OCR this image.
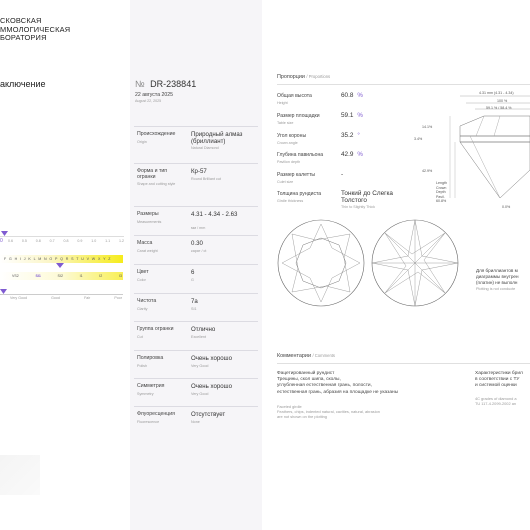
СКОВСКАЯ
ММОЛОГИЧЕСКАЯ
БОРАТОРИЯ
аключение
0 0.6 0.5 0.8 0.7 0.8 0.9 1.0 1.1 1.2
F G H I J K L M N O P Q R S T U V W X Y Z
VS2	SI1	SI2	I1	I2	I3
Very Good	Good	Fair	Poor
№ DR-238841
22 августа 2025
August 22, 2025
Происхождение
Origin
Природный алмаз (бриллиант)
Natural Diamond
Форма и тип огранки
Shape and cutting style
Кр-57
Round Brilliant cut
Размеры
Measurements
4.31 - 4.34 - 2.63
мм / mm
Масса
Carat weight
0.30
карат / ct
Цвет
Color
6
G
Чистота
Clarity
7а
SI1
Группа огранки
Cut
Отлично
Excellent
Полировка
Polish
Очень хорошо
Very Good
Симметрия
Symmetry
Очень хорошо
Very Good
Флуоресценция
Fluorescence
Отсутствует
None
Пропорции / Proportions
Общая высота
Height
60.8 %
Размер площадки
Table size
59.1 %
Угол короны
Crown angle
35.2 °
Глубина павильона
Pavilion depth
42.9 %
Размер калетты
Culet size
-
Толщина рундиста
Girdle thickness
Тонкий до Слегка Толстого
Thin to Slightly Thick
4.31 mm (4.31 - 4.34)
100 %
59.1 % / 58.4 %
14.1%
3.4%
42.9%
Length
Crown
Depth
Pavil.
60.8%
0.0%
Для бриллиантов м
диаграммы внутрен
(платин) не выполн
Plotting is not conducte
Комментарии / Comments
Фацетированный рундист
Трещины, скол шипа, сколы,
углубленная естественная грань, полости,
естественная грань, абразия на площадке не указаны
Faceted girdle
Feathers, chips, indented natural, cavities, natural, abrasion
are not shown on the plotting
Характеристики брил
в соответствии с ТУ
и системой оценки
4C grades of diamond a
TU 117-4.2099-2002 an
